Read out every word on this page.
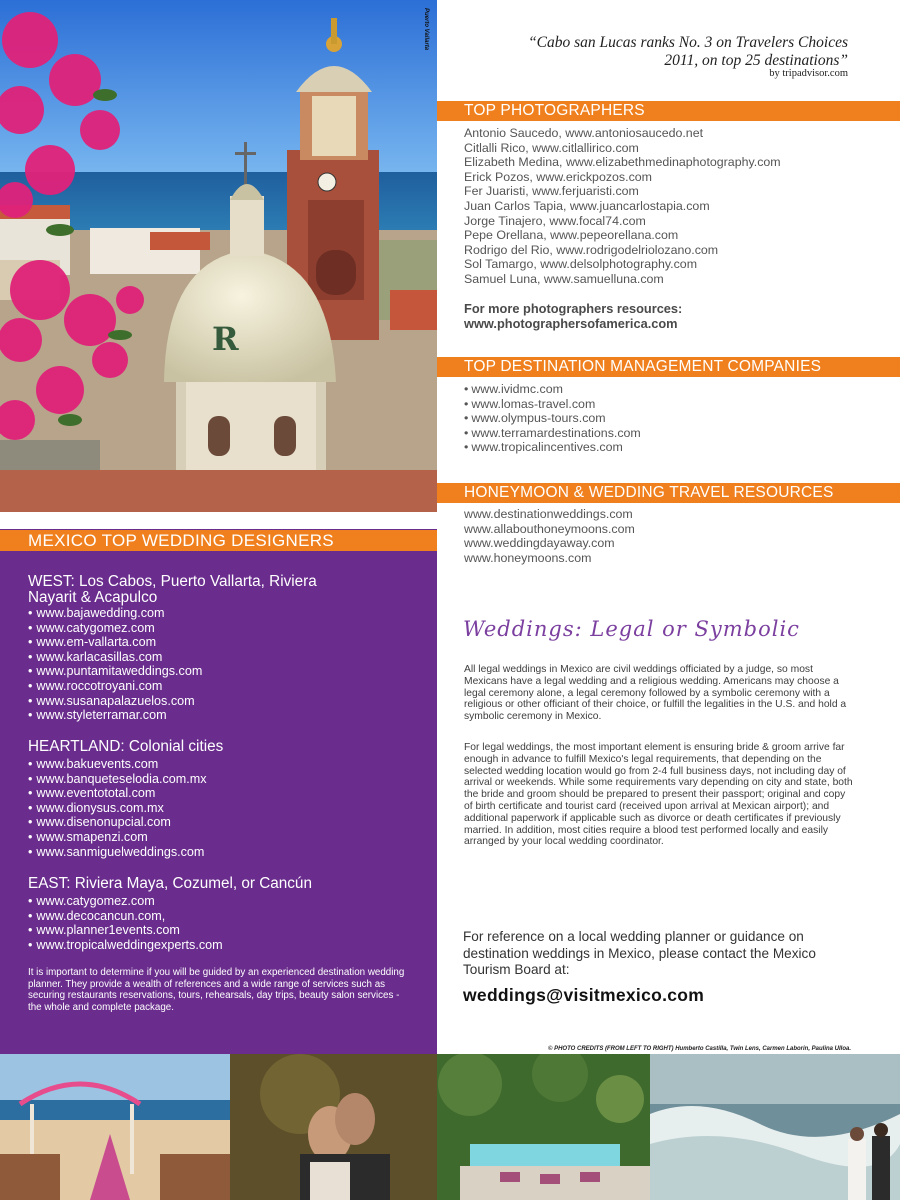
R
Puerto Vallarta	“Cabo san Lucas ranks No. 3 on Travelers Choices 2011, on top 25 destinations”
by tripadvisor.com
TOP PHOTOGRAPHERS
Antonio Saucedo, www.antoniosaucedo.net
Citlalli Rico, www.citlallirico.com
Elizabeth Medina, www.elizabethmedinaphotography.com
Erick Pozos, www.erickpozos.com
Fer Juaristi, www.ferjuaristi.com
Juan Carlos Tapia, www.juancarlostapia.com
Jorge Tinajero, www.focal74.com
Pepe Orellana, www.pepeorellana.com
Rodrigo del Rio, www.rodrigodelriolozano.com
Sol Tamargo, www.delsolphotography.com
Samuel Luna, www.samuelluna.com
For more photographers resources:
www.photographersofamerica.com
TOP DESTINATION MANAGEMENT COMPANIES
• www.ividmc.com
• www.lomas-travel.com
• www.olympus-tours.com
• www.terramardestinations.com
• www.tropicalincentives.com
HONEYMOON & WEDDING TRAVEL RESOURCES
www.destinationweddings.com
www.allabouthoneymoons.com
www.weddingdayaway.com
www.honeymoons.com
Weddings: Legal or Symbolic

All legal weddings in Mexico are civil weddings officiated by a judge, so most Mexicans have a legal wedding and a religious wedding. Americans may choose a legal ceremony alone, a legal ceremony followed by a symbolic ceremony with a religious or other officiant of their choice, or fulfill the legalities in the U.S. and hold a symbolic ceremony in Mexico.

For legal weddings, the most important element is ensuring bride & groom arrive far enough in advance to fulfill Mexico's legal requirements, that depending on the selected wedding location would go from 2-4 full business days, not including day of arrival or weekends. While some requirements vary depending on city and state, both the bride and groom should be prepared to present their passport; original and copy of birth certificate and tourist card (received upon arrival at Mexican airport); and additional paperwork if applicable such as divorce or death certificates if previously married. In addition, most cities require a blood test performed locally and easily arranged by your local wedding coordinator.

For reference on a local wedding planner or guidance on destination weddings in Mexico, please contact the Mexico Tourism Board at:

weddings@visitmexico.com
© PHOTO CREDITS (FROM LEFT TO RIGHT) Humberto Castilla, Twin Lens, Carmen Laborin, Paulina Ulloa.
MEXICO TOP WEDDING DESIGNERS
WEST: Los Cabos, Puerto Vallarta, Riviera Nayarit & Acapulco
• www.bajawedding.com
• www.catygomez.com
• www.em-vallarta.com
• www.karlacasillas.com
• www.puntamitaweddings.com
• www.roccotroyani.com
• www.susanapalazuelos.com
• www.styleterramar.com
HEARTLAND: Colonial cities
• www.bakuevents.com
• www.banqueteselodia.com.mx
• www.eventototal.com
• www.dionysus.com.mx
• www.disenonupcial.com
• www.smapenzi.com
• www.sanmiguelweddings.com
EAST: Riviera Maya, Cozumel, or Cancún
• www.catygomez.com
• www.decocancun.com,
• www.planner1events.com
• www.tropicalweddingexperts.com

It is important to determine if you will be guided by an experienced destination wedding planner. They provide a wealth of references and a wide range of services such as securing restaurants reservations, tours, rehearsals, day trips, beauty salon services - the whole and complete package.
